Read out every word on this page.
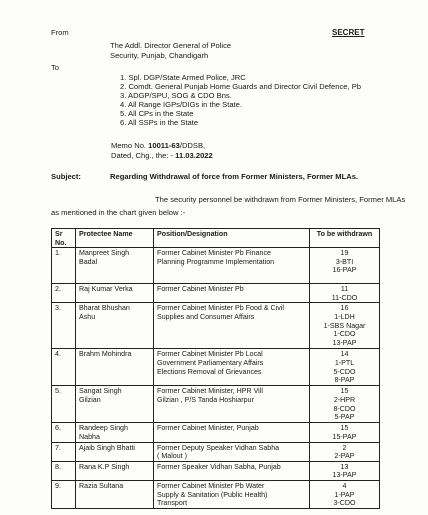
From	SECRET
The Addl. Director General of Police
Security, Punjab, Chandigarh
To
1. Spl. DGP/State Armed Police, JRC
2. Comdt. General Punjab Home Guards and Director Civil Defence, Pb
3. ADGP/SPU, SOG & CDO Bns.
4. All Range IGPs/DIGs in the State.
5. All CPs in the State
6. All SSPs in the State
Memo No. 10011-63/DDSB,
Dated, Chg., the: - 11.03.2022
Subject:	Regarding Withdrawal of force from Former Ministers, Former MLAs.
The security personnel be withdrawn from Former Ministers, Former MLAs
as mentioned in the chart given below :-
Sr
No.	Protectee Name	Position/Designation	To be withdrawn

1.	Manpreet Singh
Badal	Former Cabinet Minister Pb Finance
Planning Programme Implementation	19
3-BTI
16-PAP

2.	Raj Kumar Verka	Former Cabinet Minister Pb	11
11-CDO

3.	Bharat Bhushan
Ashu	Former Cabinet Minister Pb Food & Civil
Supplies and Consumer Affairs	16
1-LDH
1-SBS Nagar
1-CDO
13-PAP

4.	Brahm Mohindra	Former Cabinet Minister Pb Local
Government Parliamentary Affairs
Elections Removal of Grievances	14
1-PTL
5-CDO
8-PAP

5.	Sangat Singh
Gilzian	Former Cabinet Minister, HPR Vill
Gilzian , P/S Tanda Hoshiarpur	15
2-HPR
8-CDO
5-PAP

6.	Randeep Singh
Nabha	Former Cabinet Minister, Punjab	15
15-PAP

7.	Ajaib Singh Bhatti	Former Deputy Speaker Vidhan Sabha
( Malout )	2
2-PAP

8.	Rana K.P Singh	Former Speaker Vidhan Sabha, Punjab	13
13-PAP

9.	Razia Sultana	Former Cabinet Minister Pb Water
Supply & Sanitation (Public Health)
Transport	4
1-PAP
3-CDO
